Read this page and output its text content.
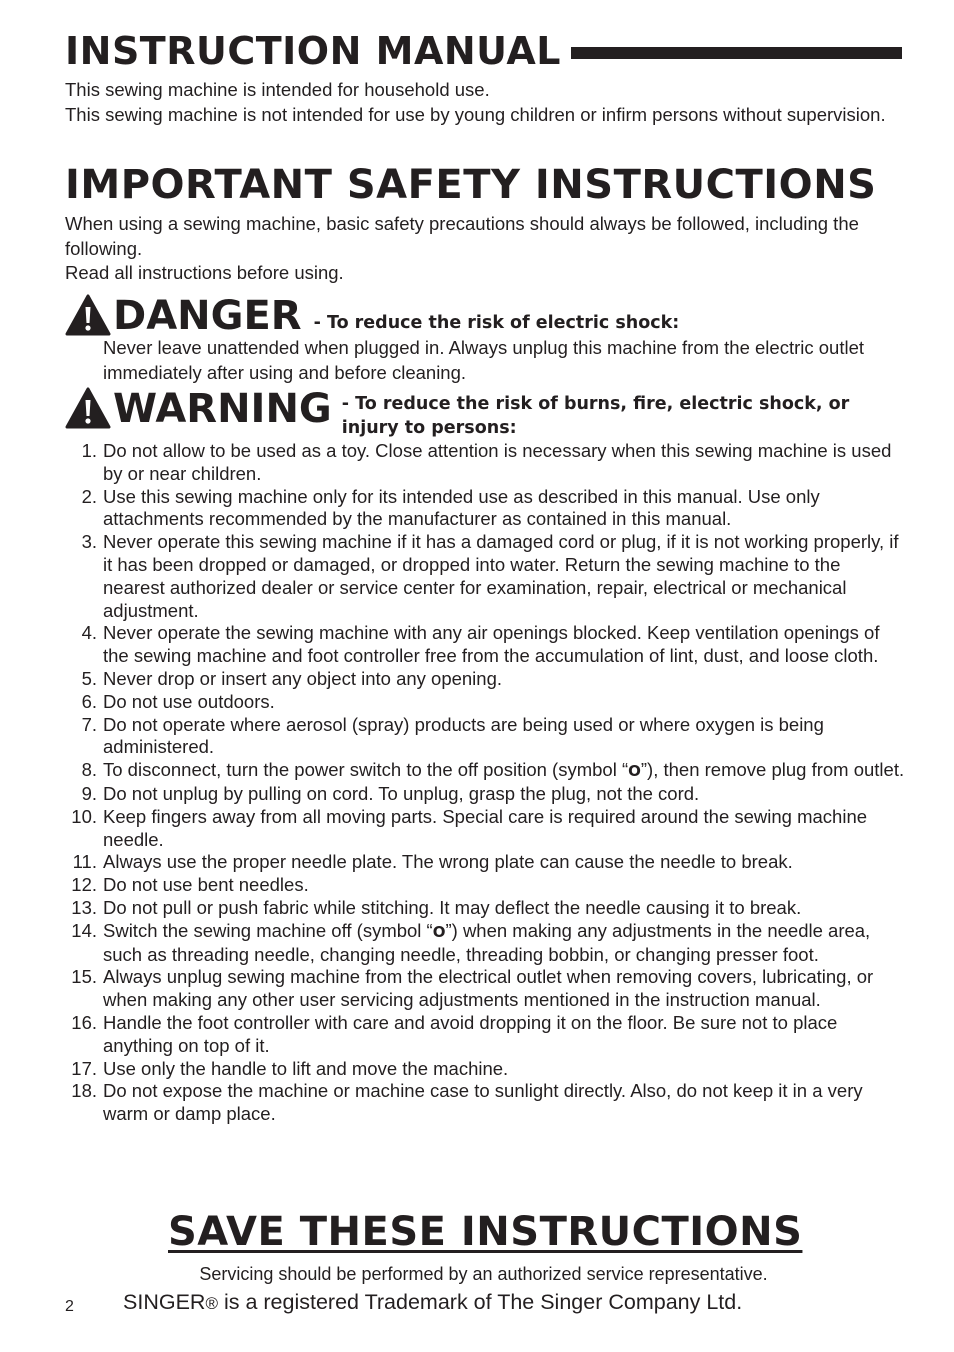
INSTRUCTION MANUAL

This sewing machine is intended for household use.

This sewing machine is not intended for use by young children or infirm persons without supervision.

IMPORTANT SAFETY INSTRUCTIONS

When using a sewing machine, basic safety precautions should always be followed, including the following.

Read all instructions before using.

DANGER - To reduce the risk of electric shock:

Never leave unattended when plugged in. Always unplug this machine from the electric outlet immediately after using and before cleaning.

WARNING - To reduce the risk of burns, fire, electric shock, or injury to persons:
1. Do not allow to be used as a toy. Close attention is necessary when this sewing machine is used by or near children.
2. Use this sewing machine only for its intended use as described in this manual. Use only attachments recommended by the manufacturer as contained in this manual.
3. Never operate this sewing machine if it has a damaged cord or plug, if it is not working properly, if it has been dropped or damaged, or dropped into water. Return the sewing machine to the nearest authorized dealer or service center for examination, repair, electrical or mechanical adjustment.
4. Never operate the sewing machine with any air openings blocked. Keep ventilation openings of the sewing machine and foot controller free from the accumulation of lint, dust, and loose cloth.
5. Never drop or insert any object into any opening.
6. Do not use outdoors.
7. Do not operate where aerosol (spray) products are being used or where oxygen is being administered.
8. To disconnect, turn the power switch to the off position (symbol “O”), then remove plug from outlet.
9. Do not unplug by pulling on cord. To unplug, grasp the plug, not the cord.
10. Keep fingers away from all moving parts. Special care is required around the sewing machine needle.
11. Always use the proper needle plate. The wrong plate can cause the needle to break.
12. Do not use bent needles.
13. Do not pull or push fabric while stitching. It may deflect the needle causing it to break.
14. Switch the sewing machine off (symbol “O”) when making any adjustments in the needle area, such as threading needle, changing needle, threading bobbin, or changing presser foot.
15. Always unplug sewing machine from the electrical outlet when removing covers, lubricating, or when making any other user servicing adjustments mentioned in the instruction manual.
16. Handle the foot controller with care and avoid dropping it on the floor. Be sure not to place anything on top of it.
17. Use only the handle to lift and move the machine.
18. Do not expose the machine or machine case to sunlight directly. Also, do not keep it in a very warm or damp place.
SAVE THESE INSTRUCTIONS
Servicing should be performed by an authorized service representative.
2 SINGER® is a registered Trademark of The Singer Company Ltd.
